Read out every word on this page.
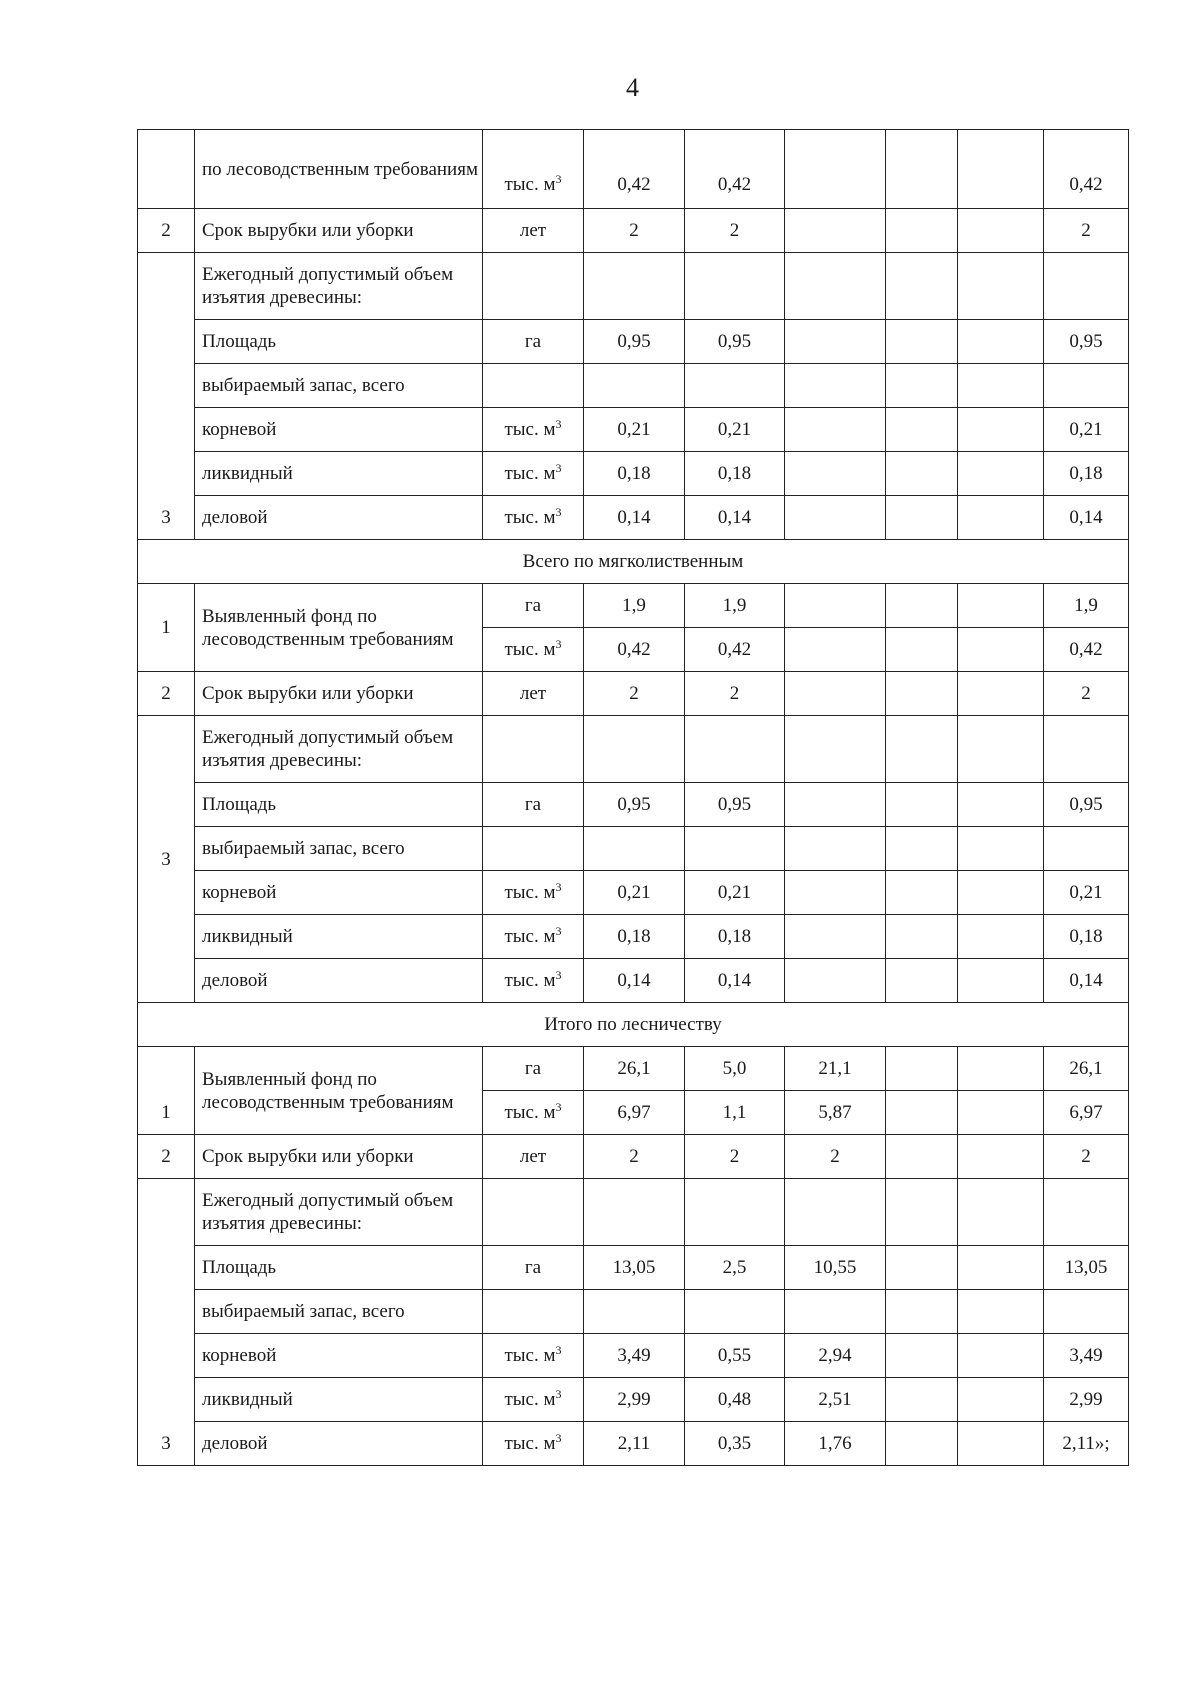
4
	по лесоводственным требованиям	тыс. $м^3$	0,42	0,42				0,42
2	Срок вырубки или уборки	лет	2	2				2
3	Ежегодный допустимый объем изъятия древесины:							
	Площадь	га	0,95	0,95				0,95
	выбираемый запас, всего							
	корневой	тыс. $м^3$	0,21	0,21				0,21
	ликвидный	тыс. $м^3$	0,18	0,18				0,18
	деловой	тыс. $м^3$	0,14	0,14				0,14
Всего по мягколиственным								
1	Выявленный фонд по лесоводственным требованиям	га	1,9	1,9				1,9
		тыс. $м^3$	0,42	0,42				0,42
2	Срок вырубки или уборки	лет	2	2				2
3	Ежегодный допустимый объем изъятия древесины:							
	Площадь	га	0,95	0,95				0,95
	выбираемый запас, всего							
	корневой	тыс. $м^3$	0,21	0,21				0,21
	ликвидный	тыс. $м^3$	0,18	0,18				0,18
	деловой	тыс. $м^3$	0,14	0,14				0,14
Итого по лесничеству								
1	Выявленный фонд по лесоводственным требованиям	га	26,1	5,0	21,1			26,1
		тыс. $м^3$	6,97	1,1	5,87			6,97
2	Срок вырубки или уборки	лет	2	2	2			2
3	Ежегодный допустимый объем изъятия древесины:							
	Площадь	га	13,05	2,5	10,55			13,05
	выбираемый запас, всего							
	корневой	тыс. $м^3$	3,49	0,55	2,94			3,49
	ликвидный	тыс. $м^3$	2,99	0,48	2,51			2,99
	деловой	тыс. $м^3$	2,11	0,35	1,76			2,11»;
